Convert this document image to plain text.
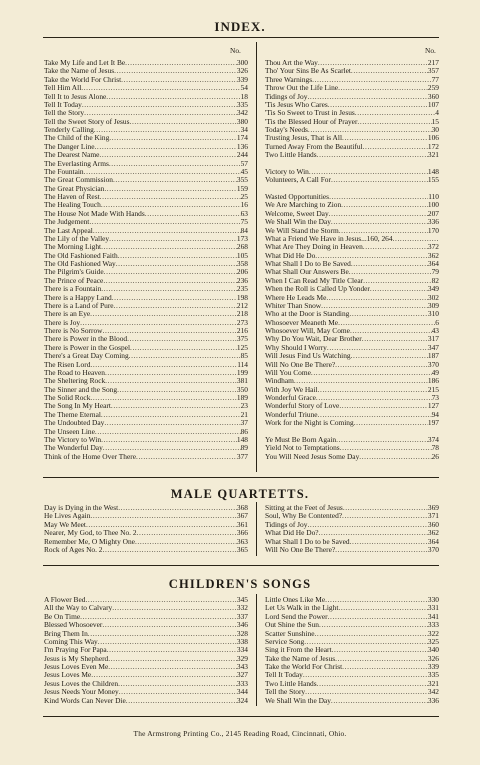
INDEX.
No.	No.
Take My Life and Let It Be .....	300
Take the Name of Jesus .....	326
Take the World For Christ .....	339
Tell Him All .....	54
Tell It to Jesus Alone .....	18
Tell It Today .....	335
Tell the Story .....	342
Tell the Sweet Story of Jesus .....	380
Tenderly Calling .....	34
The Child of the King .....	174
The Danger Line .....	136
The Dearest Name .....	244
The Everlasting Arms .....	57
The Fountain .....	45
The Great Commission .....	355
The Great Physician .....	159
The Haven of Rest .....	25
The Healing Touch .....	16
The House Not Made With Hands .....	63
The Judgement .....	75
The Last Appeal .....	84
The Lily of the Valley .....	173
The Morning Light .....	268
The Old Fashioned Faith .....	105
The Old Fashioned Way .....	358
The Pilgrim's Guide .....	206
The Prince of Peace .....	236
There is a Fountain .....	235
There is a Happy Land .....	198
There is a Land of Pure .....	212
There is an Eye .....	218
There is Joy .....	273
There is No Sorrow .....	216
There is Power in the Blood .....	375
There is Power in the Gospel .....	125
There's a Great Day Coming .....	85
The Risen Lord .....	114
The Road to Heaven .....	199
The Sheltering Rock .....	381
The Sinner and the Song .....	350
The Solid Rock .....	189
The Song In My Heart .....	23
The Theme Eternal .....	21
The Undoubted Day .....	37
The Unseen Line .....	86
The Victory to Win .....	148
The Wonderful Day .....	89
Think of the Home Over There .....	377
Thou Art the Way .....	217
Tho' Your Sins Be As Scarlet .....	357
Three Warnings .....	77
Throw Out the Life Line .....	259
Tidings of Joy .....	360
'Tis Jesus Who Cares .....	107
'Tis So Sweet to Trust in Jesus .....	4
'Tis the Blessed Hour of Prayer .....	15
Today's Needs .....	30
Trusting Jesus, That is All .....	106
Turned Away From the Beautiful .....	172
Two Little Hands .....	321
Victory to Win .....	148
Volunteers, A Call For .....	155
Wasted Opportunities .....	110
We Are Marching to Zion .....	100
Welcome, Sweet Day .....	207
We Shall Win the Day .....	336
We Will Stand the Storm .....	170
What a Friend We Have in Jesus...160, 264
.....
What Are They Doing in Heaven .....	372
What Did He Do .....	362
What Shall I Do to Be Saved .....	364
What Shall Our Answers Be .....	79
When I Can Read My Title Clear .....	82
When the Roll is Called Up Yonder .....	349
Where He Leads Me .....	302
Whiter Than Snow .....	309
Who at the Door is Standing .....	310
Whosoever Meaneth Me .....	6
Whosoever Will, May Come .....	43
Why Do You Wait, Dear Brother .....	317
Why Should I Worry .....	347
Will Jesus Find Us Watching .....	187
Will No One Be There? .....	370
Will You Come .....	49
Windham .....	186
With Joy We Hail .....	215
Wonderful Grace .....	73
Wonderful Story of Love .....	127
Wonderful Triune .....	94
Work for the Night is Coming .....	197
Ye Must Be Born Again .....	374
Yield Not to Temptations .....	78
You Will Need Jesus Some Day .....	26
MALE QUARTETTS.
Day is Dying in the West .....	368
He Lives Again .....	367
May We Meet .....	361
Nearer, My God, to Thee No. 2 .....	366
Remember Me, O Mighty One .....	363
Rock of Ages No. 2 .....	365
Sitting at the Feet of Jesus .....	369
Soul, Why Be Contented? .....	371
Tidings of Joy .....	360
What Did He Do? .....	362
What Shall I Do to be Saved .....	364
Will No One Be There? .....	370
CHILDREN'S SONGS
A Flower Bed .....	345
All the Way to Calvary .....	332
Be On Time .....	337
Blessed Whosoever .....	346
Bring Them In .....	328
Coming This Way .....	338
I'm Praying For Papa .....	334
Jesus is My Shepherd .....	329
Jesus Loves Even Me .....	343
Jesus Loves Me .....	327
Jesus Loves the Children .....	333
Jesus Needs Your Money .....	344
Kind Words Can Never Die .....	324
Little Ones Like Me .....	330
Let Us Walk in the Light .....	331
Lord Send the Power .....	341
Out Shine the Sun .....	333
Scatter Sunshine .....	322
Service Song .....	325
Sing it From the Heart .....	340
Take the Name of Jesus .....	326
Take the World For Christ .....	339
Tell It Today .....	335
Two Little Hands .....	321
Tell the Story .....	342
We Shall Win the Day .....	336
The Armstrong Printing Co., 2145 Reading Road, Cincinnati, Ohio.
